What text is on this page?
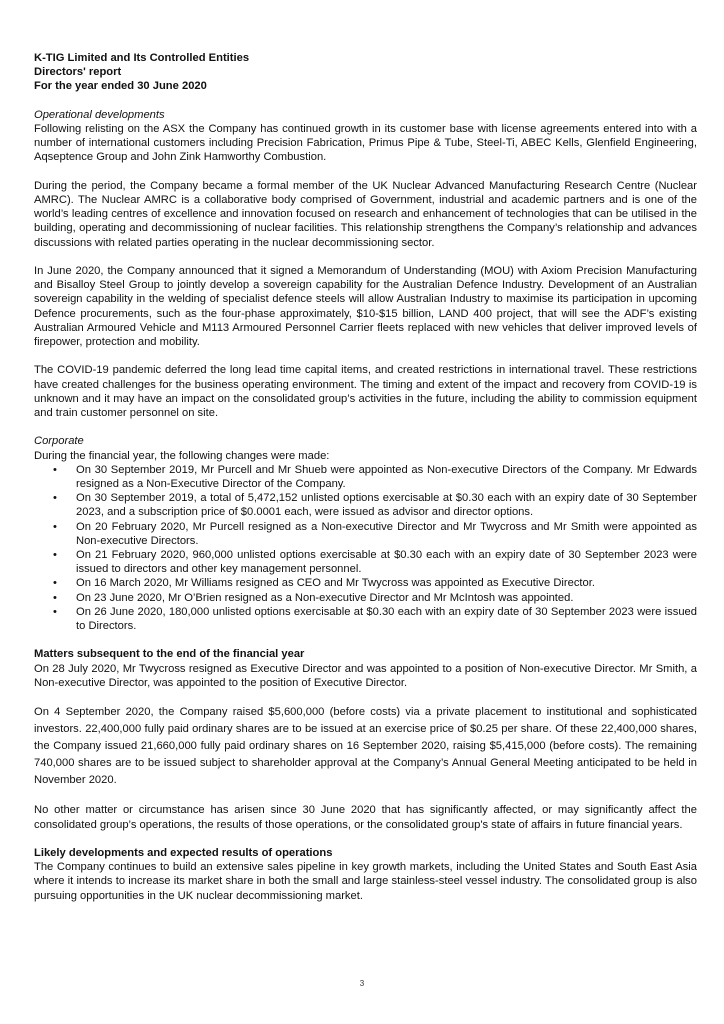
K-TIG Limited and Its Controlled Entities
Directors' report
For the year ended 30 June 2020
Operational developments

Following relisting on the ASX the Company has continued growth in its customer base with license agreements entered into with a number of international customers including Precision Fabrication, Primus Pipe & Tube, Steel-Ti, ABEC Kells, Glenfield Engineering, Aqseptence Group and John Zink Hamworthy Combustion.

During the period, the Company became a formal member of the UK Nuclear Advanced Manufacturing Research Centre (Nuclear AMRC). The Nuclear AMRC is a collaborative body comprised of Government, industrial and academic partners and is one of the world’s leading centres of excellence and innovation focused on research and enhancement of technologies that can be utilised in the building, operating and decommissioning of nuclear facilities. This relationship strengthens the Company’s relationship and advances discussions with related parties operating in the nuclear decommissioning sector.

In June 2020, the Company announced that it signed a Memorandum of Understanding (MOU) with Axiom Precision Manufacturing and Bisalloy Steel Group to jointly develop a sovereign capability for the Australian Defence Industry. Development of an Australian sovereign capability in the welding of specialist defence steels will allow Australian Industry to maximise its participation in upcoming Defence procurements, such as the four-phase approximately, $10-$15 billion, LAND 400 project, that will see the ADF’s existing Australian Armoured Vehicle and M113 Armoured Personnel Carrier fleets replaced with new vehicles that deliver improved levels of firepower, protection and mobility.

The COVID-19 pandemic deferred the long lead time capital items, and created restrictions in international travel. These restrictions have created challenges for the business operating environment. The timing and extent of the impact and recovery from COVID-19 is unknown and it may have an impact on the consolidated group’s activities in the future, including the ability to commission equipment and train customer personnel on site.

Corporate

During the financial year, the following changes were made:

• On 30 September 2019, Mr Purcell and Mr Shueb were appointed as Non-executive Directors of the Company. Mr Edwards resigned as a Non-Executive Director of the Company.
• On 30 September 2019, a total of 5,472,152 unlisted options exercisable at $0.30 each with an expiry date of 30 September 2023, and a subscription price of $0.0001 each, were issued as advisor and director options.
• On 20 February 2020, Mr Purcell resigned as a Non-executive Director and Mr Twycross and Mr Smith were appointed as Non-executive Directors.
• On 21 February 2020, 960,000 unlisted options exercisable at $0.30 each with an expiry date of 30 September 2023 were issued to directors and other key management personnel.
• On 16 March 2020, Mr Williams resigned as CEO and Mr Twycross was appointed as Executive Director.
• On 23 June 2020, Mr O’Brien resigned as a Non-executive Director and Mr McIntosh was appointed.
• On 26 June 2020, 180,000 unlisted options exercisable at $0.30 each with an expiry date of 30 September 2023 were issued to Directors.
Matters subsequent to the end of the financial year

On 28 July 2020, Mr Twycross resigned as Executive Director and was appointed to a position of Non-executive Director. Mr Smith, a Non-executive Director, was appointed to the position of Executive Director.

On 4 September 2020, the Company raised $5,600,000 (before costs) via a private placement to institutional and sophisticated investors. 22,400,000 fully paid ordinary shares are to be issued at an exercise price of $0.25 per share. Of these 22,400,000 shares, the Company issued 21,660,000 fully paid ordinary shares on 16 September 2020, raising $5,415,000 (before costs). The remaining 740,000 shares are to be issued subject to shareholder approval at the Company’s Annual General Meeting anticipated to be held in November 2020.

No other matter or circumstance has arisen since 30 June 2020 that has significantly affected, or may significantly affect the consolidated group’s operations, the results of those operations, or the consolidated group's state of affairs in future financial years.

Likely developments and expected results of operations

The Company continues to build an extensive sales pipeline in key growth markets, including the United States and South East Asia where it intends to increase its market share in both the small and large stainless-steel vessel industry. The consolidated group is also pursuing opportunities in the UK nuclear decommissioning market.

3
